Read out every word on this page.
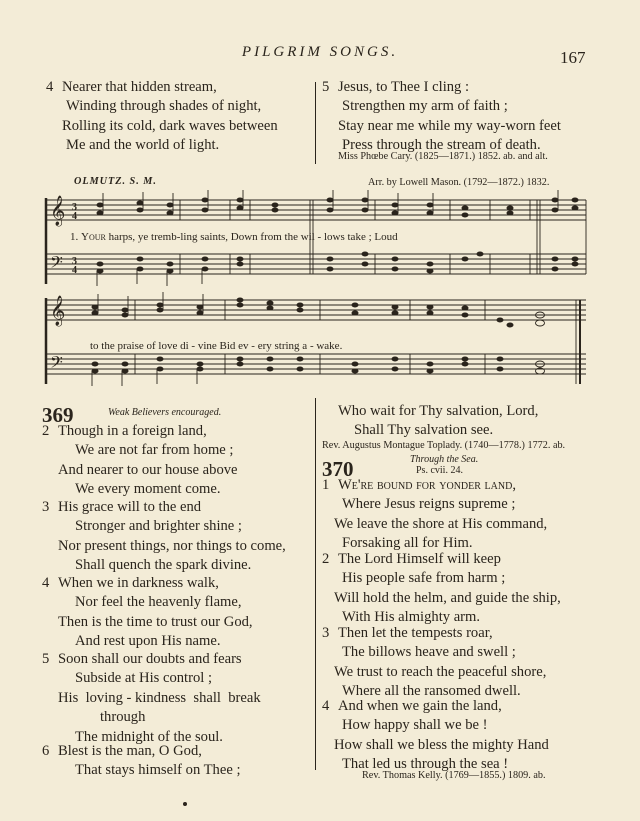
PILGRIM SONGS.	167
4 Nearer that hidden stream,
Winding through shades of night,
Rolling its cold, dark waves between
Me and the world of light.
5 Jesus, to Thee I cling :
Strengthen my arm of faith ;
Stay near me while my way-worn feet
Press through the stream of death.
Miss Phœbe Cary. (1825—1871.) 1852. ab. and alt.
OLMUTZ. S. M.	Arr. by Lowell Mason. (1792—1872.) 1832.
𝄞
𝄢
𝄞
𝄢
3
4
3
4
1. Your harps, ye tremb-ling saints, Down from the wil - lows take ; Loud
to the praise of love di - vine Bid ev - ery string a - wake.
369	Weak Believers encouraged.
2 Though in a foreign land,
We are not far from home ;
And nearer to our house above
We every moment come.
3 His grace will to the end
Stronger and brighter shine ;
Nor present things, nor things to come,
Shall quench the spark divine.
4 When we in darkness walk,
Nor feel the heavenly flame,
Then is the time to trust our God,
And rest upon His name.
5 Soon shall our doubts and fears
Subside at His control ;
His  loving - kindness  shall  break
through
The midnight of the soul.
6 Blest is the man, O God,
That stays himself on Thee ;
Who wait for Thy salvation, Lord,
Shall Thy salvation see.
Rev. Augustus Montague Toplady. (1740—1778.) 1772. ab.
370	Through the Sea.
Ps. cvii. 24.
1 We're bound for yonder land,
Where Jesus reigns supreme ;
We leave the shore at His command,
Forsaking all for Him.
2 The Lord Himself will keep
His people safe from harm ;
Will hold the helm, and guide the ship,
With His almighty arm.
3 Then let the tempests roar,
The billows heave and swell ;
We trust to reach the peaceful shore,
Where all the ransomed dwell.
4 And when we gain the land,
How happy shall we be !
How shall we bless the mighty Hand
That led us through the sea !
Rev. Thomas Kelly. (1769—1855.) 1809. ab.
